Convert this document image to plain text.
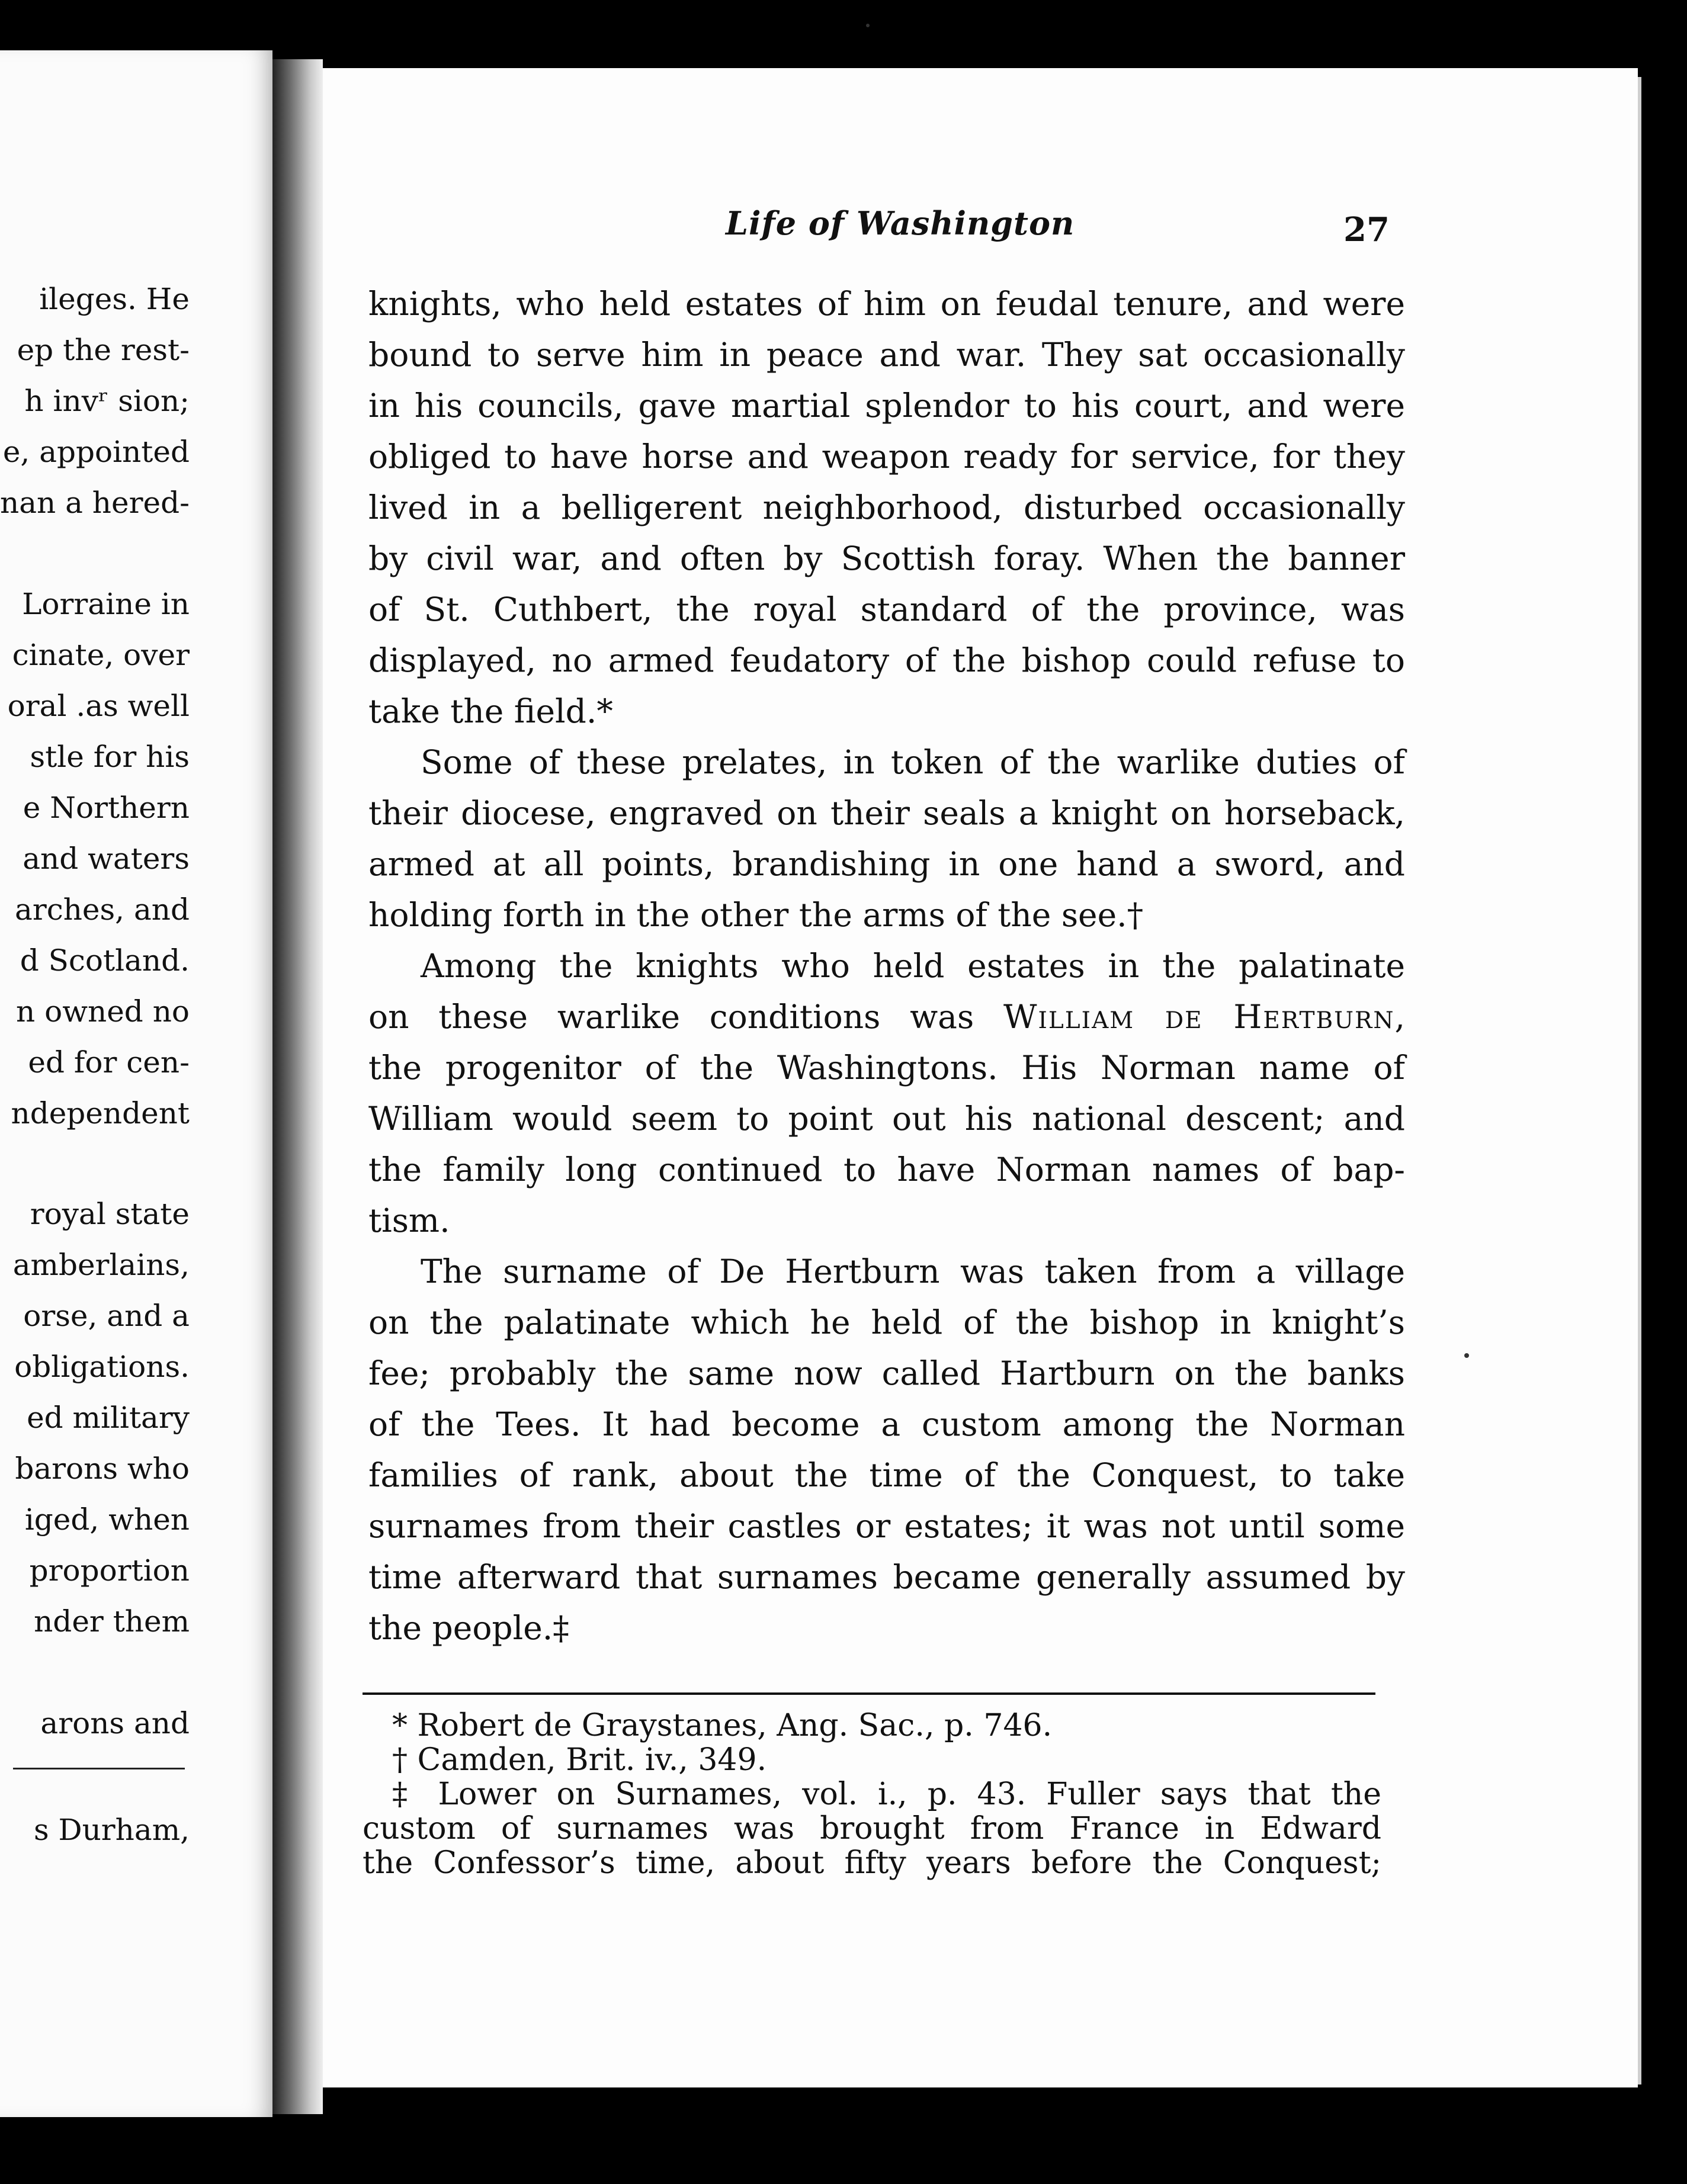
ileges. He
ep the rest-
h invʳ sion;
e, appointed
nan a hered-
Lorraine in
cinate, over
oral .as well
stle for his
e Northern
and waters
arches, and
d Scotland.
n owned no
ed for cen-
ndependent
royal state
amberlains,
orse, and a
obligations.
ed military
barons who
iged, when
proportion
nder them
arons and
s Durham,
Life of Washington	27
knights, who held estates of him on feudal tenure, and were
bound to serve him in peace and war. They sat occasionally
in his councils, gave martial splendor to his court, and were
obliged to have horse and weapon ready for service, for they
lived in a belligerent neighborhood, disturbed occasionally
by civil war, and often by Scottish foray. When the banner
of St. Cuthbert, the royal standard of the province, was
displayed, no armed feudatory of the bishop could refuse to
take the field.*
Some of these prelates, in token of the warlike duties of
their diocese, engraved on their seals a knight on horseback,
armed at all points, brandishing in one hand a sword, and
holding forth in the other the arms of the see.†
Among the knights who held estates in the palatinate
on these warlike conditions was William de Hertburn,
the progenitor of the Washingtons. His Norman name of
William would seem to point out his national descent; and
the family long continued to have Norman names of bap-
tism.
The surname of De Hertburn was taken from a village
on the palatinate which he held of the bishop in knight’s
fee; probably the same now called Hartburn on the banks
of the Tees. It had become a custom among the Norman
families of rank, about the time of the Conquest, to take
surnames from their castles or estates; it was not until some
time afterward that surnames became generally assumed by
the people.‡
* Robert de Graystanes, Ang. Sac., p. 746.
† Camden, Brit. iv., 349.
‡ Lower on Surnames, vol. i., p. 43. Fuller says that the
custom of surnames was brought from France in Edward
the Confessor’s time, about fifty years before the Conquest;
